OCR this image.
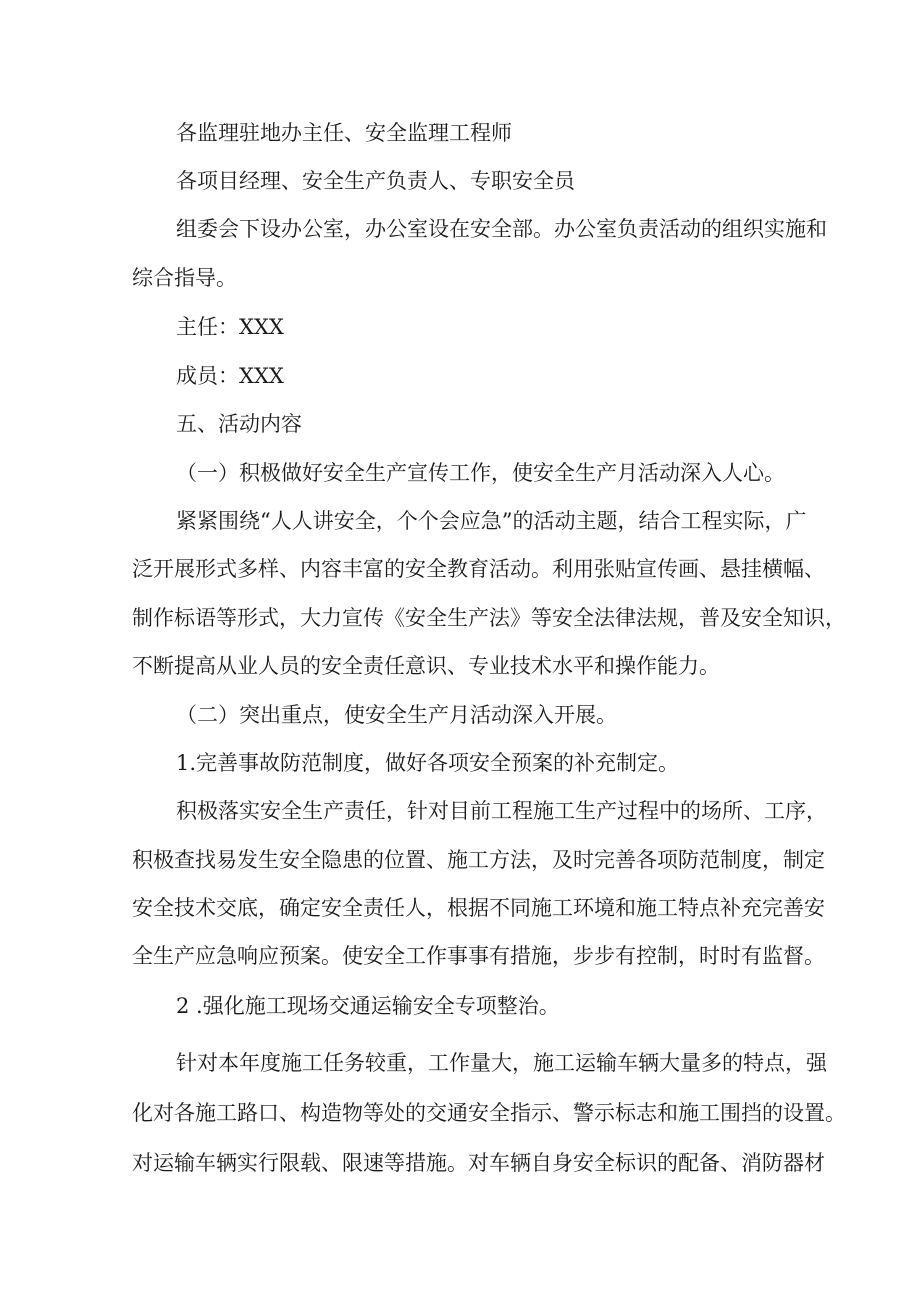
各监理驻地办主任、安全监理工程师

各项目经理、安全生产负责人、专职安全员

组委会下设办公室，办公室设在安全部。办公室负责活动的组织实施和

综合指导。

主任：XXX

成员：XXX

五、活动内容

（一）积极做好安全生产宣传工作，使安全生产月活动深入人心。

紧紧围绕“人人讲安全，个个会应急”的活动主题，结合工程实际，广

泛开展形式多样、内容丰富的安全教育活动。利用张贴宣传画、悬挂横幅、

制作标语等形式，大力宣传《安全生产法》等安全法律法规，普及安全知识，

不断提高从业人员的安全责任意识、专业技术水平和操作能力。

（二）突出重点，使安全生产月活动深入开展。

1.完善事故防范制度，做好各项安全预案的补充制定。

积极落实安全生产责任，针对目前工程施工生产过程中的场所、工序，

积极查找易发生安全隐患的位置、施工方法，及时完善各项防范制度，制定

安全技术交底，确定安全责任人，根据不同施工环境和施工特点补充完善安

全生产应急响应预案。使安全工作事事有措施，步步有控制，时时有监督。

2 .强化施工现场交通运输安全专项整治。

针对本年度施工任务较重，工作量大，施工运输车辆大量多的特点，强

化对各施工路口、构造物等处的交通安全指示、警示标志和施工围挡的设置。

对运输车辆实行限载、限速等措施。对车辆自身安全标识的配备、消防器材
